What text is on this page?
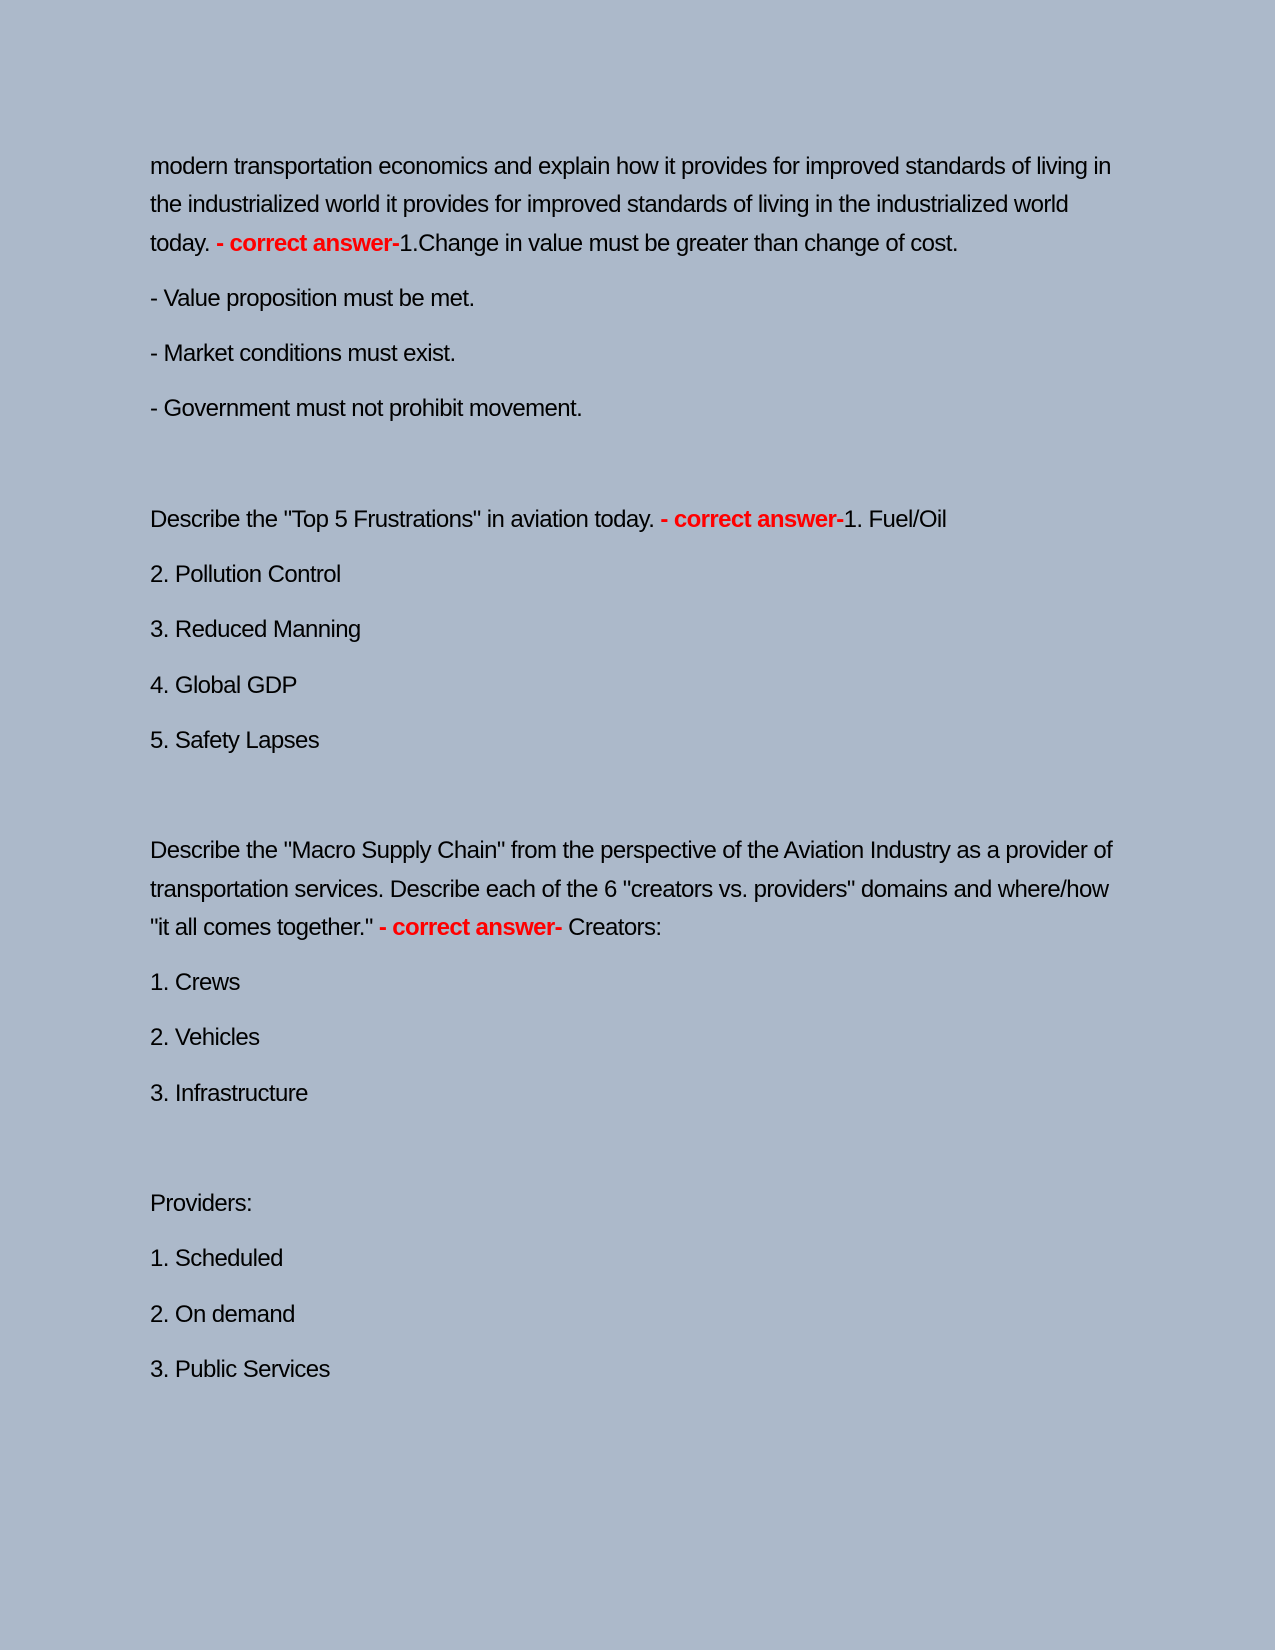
modern transportation economics and explain how it provides for improved standards of living in the industrialized world it provides for improved standards of living in the industrialized world today. - correct answer-1.Change in value must be greater than change of cost.

- Value proposition must be met.

- Market conditions must exist.

- Government must not prohibit movement.

Describe the "Top 5 Frustrations" in aviation today. - correct answer-1. Fuel/Oil

2. Pollution Control

3. Reduced Manning

4. Global GDP

5. Safety Lapses

Describe the "Macro Supply Chain" from the perspective of the Aviation Industry as a provider of transportation services. Describe each of the 6 "creators vs. providers" domains and where/how "it all comes together." - correct answer- Creators:

1. Crews

2. Vehicles

3. Infrastructure

Providers:

1. Scheduled

2. On demand

3. Public Services
